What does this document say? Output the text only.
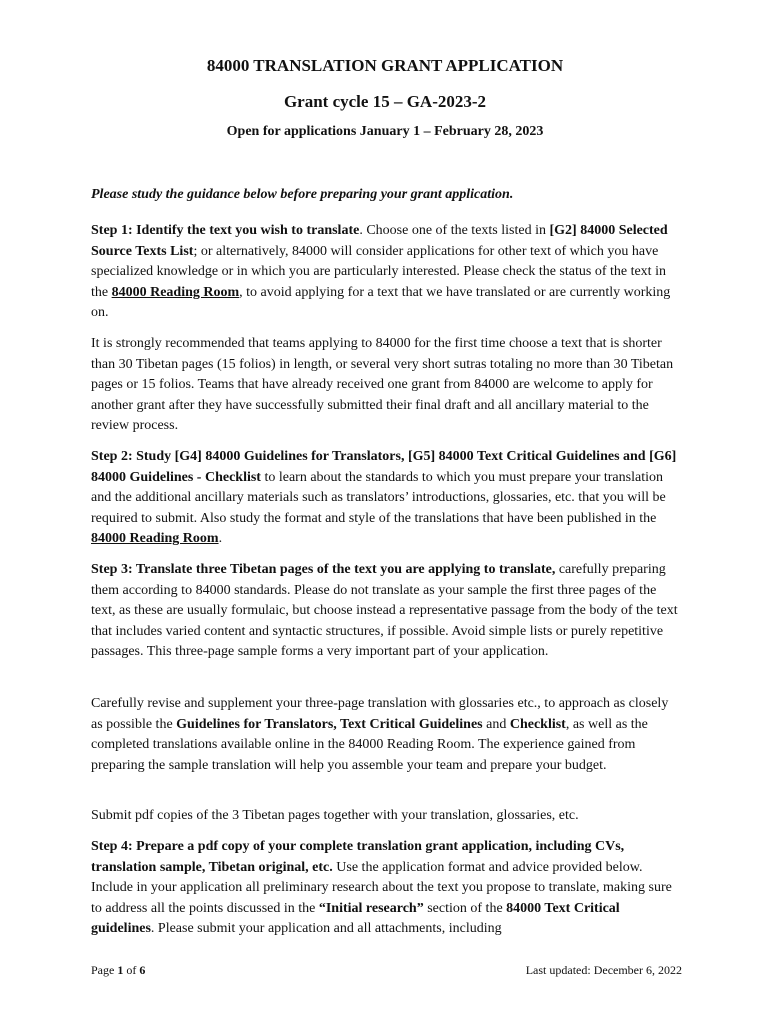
84000 TRANSLATION GRANT APPLICATION
Grant cycle 15 – GA-2023-2
Open for applications January 1 – February 28, 2023
Please study the guidance below before preparing your grant application.

Step 1: Identify the text you wish to translate. Choose one of the texts listed in [G2] 84000 Selected Source Texts List; or alternatively, 84000 will consider applications for other text of which you have specialized knowledge or in which you are particularly interested. Please check the status of the text in the 84000 Reading Room, to avoid applying for a text that we have translated or are currently working on.

It is strongly recommended that teams applying to 84000 for the first time choose a text that is shorter than 30 Tibetan pages (15 folios) in length, or several very short sutras totaling no more than 30 Tibetan pages or 15 folios. Teams that have already received one grant from 84000 are welcome to apply for another grant after they have successfully submitted their final draft and all ancillary material to the review process.

Step 2: Study [G4] 84000 Guidelines for Translators, [G5] 84000 Text Critical Guidelines and [G6] 84000 Guidelines - Checklist to learn about the standards to which you must prepare your translation and the additional ancillary materials such as translators’ introductions, glossaries, etc. that you will be required to submit. Also study the format and style of the translations that have been published in the 84000 Reading Room.

Step 3: Translate three Tibetan pages of the text you are applying to translate, carefully preparing them according to 84000 standards. Please do not translate as your sample the first three pages of the text, as these are usually formulaic, but choose instead a representative passage from the body of the text that includes varied content and syntactic structures, if possible. Avoid simple lists or purely repetitive passages. This three-page sample forms a very important part of your application.

Carefully revise and supplement your three-page translation with glossaries etc., to approach as closely as possible the Guidelines for Translators, Text Critical Guidelines and Checklist, as well as the completed translations available online in the 84000 Reading Room. The experience gained from preparing the sample translation will help you assemble your team and prepare your budget.

Submit pdf copies of the 3 Tibetan pages together with your translation, glossaries, etc.

Step 4: Prepare a pdf copy of your complete translation grant application, including CVs, translation sample, Tibetan original, etc. Use the application format and advice provided below. Include in your application all preliminary research about the text you propose to translate, making sure to address all the points discussed in the “Initial research” section of the 84000 Text Critical guidelines. Please submit your application and all attachments, including

Page 1 of 6	Last updated: December 6, 2022
